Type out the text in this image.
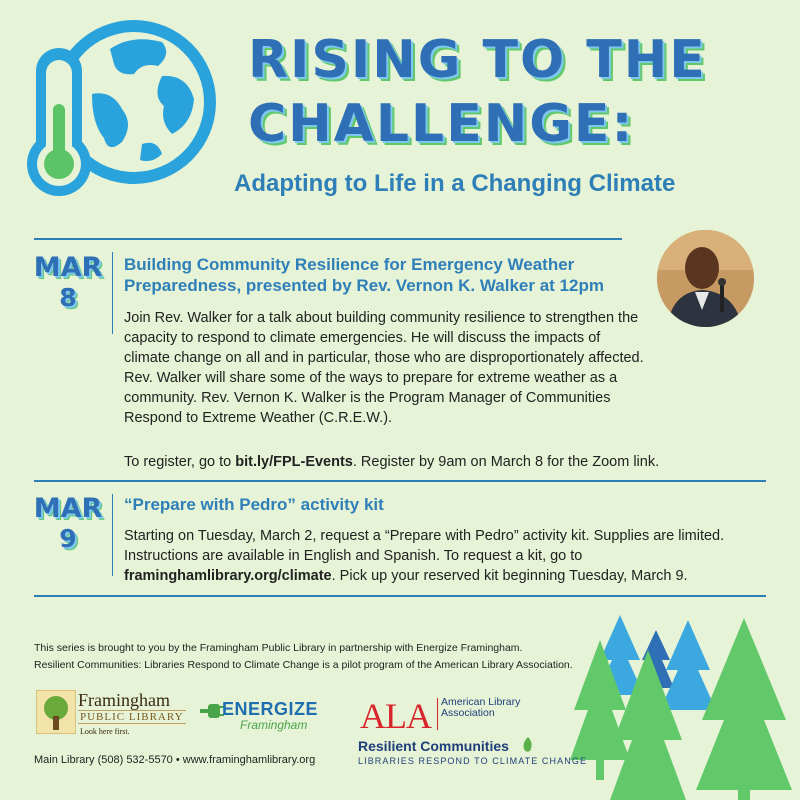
RISING TO THE
CHALLENGE:
Adapting to Life in a Changing Climate
MAR
8
Building Community Resilience for Emergency Weather Preparedness, presented by Rev. Vernon K. Walker at 12pm
Join Rev. Walker for a talk about building community resilience to strengthen the capacity to respond to climate emergencies. He will discuss the impacts of climate change on all and in particular, those who are disproportionately affected. Rev. Walker will share some of the ways to prepare for extreme weather as a community. Rev. Vernon K. Walker is the Program Manager of Communities Respond to Extreme Weather (C.R.E.W.).
To register, go to bit.ly/FPL-Events. Register by 9am on March 8 for the Zoom link.
MAR
9
“Prepare with Pedro” activity kit
Starting on Tuesday, March 2, request a “Prepare with Pedro” activity kit. Supplies are limited. Instructions are available in English and Spanish. To request a kit, go to framinghamlibrary.org/climate. Pick up your reserved kit beginning Tuesday, March 9.
This series is brought to you by the Framingham Public Library in partnership with Energize Framingham.
Resilient Communities: Libraries Respond to Climate Change is a pilot program of the American Library Association.
Framingham
PUBLIC LIBRARY
Look here first.
ENERGIZE
Framingham ALA American Library Association
Resilient Communities
LIBRARIES RESPOND TO CLIMATE CHANGE
Main Library (508) 532-5570 • www.framinghamlibrary.org
